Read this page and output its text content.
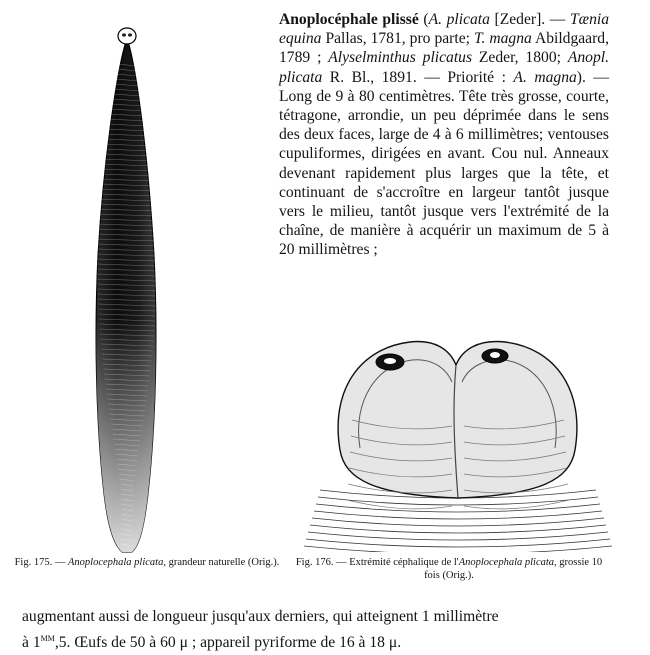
Anoplocéphale plissé (A. plicata [Zeder]. — Tænia equina Pallas, 1781, pro parte; T. magna Abildgaard, 1789 ; Alyselminthus plicatus Zeder, 1800; Anopl. plicata R. Bl., 1891. — Priorité : A. magna). — Long de 9 à 80 centimètres. Tête très grosse, courte, tétragone, arrondie, un peu déprimée dans le sens des deux faces, large de 4 à 6 millimètres; ventouses cupuliformes, dirigées en avant. Cou nul. Anneaux devenant rapidement plus larges que la tête, et continuant de s'accroître en largeur tantôt jusque vers le milieu, tantôt jusque vers l'extrémité de la chaîne, de manière à acquérir un maximum de 5 à 20 millimètres ;
Fig. 175. — Anoplocephala plicata, grandeur naturelle (Orig.).	Fig. 176. — Extrémité céphalique de l'Anoplocephala plicata, grossie 10 fois (Orig.).

augmentant aussi de longueur jusqu'aux derniers, qui atteignent 1 millimètre

à $1^{mm},5$. Œufs de 50 à 60 μ ; appareil pyriforme de 16 à 18 μ.
